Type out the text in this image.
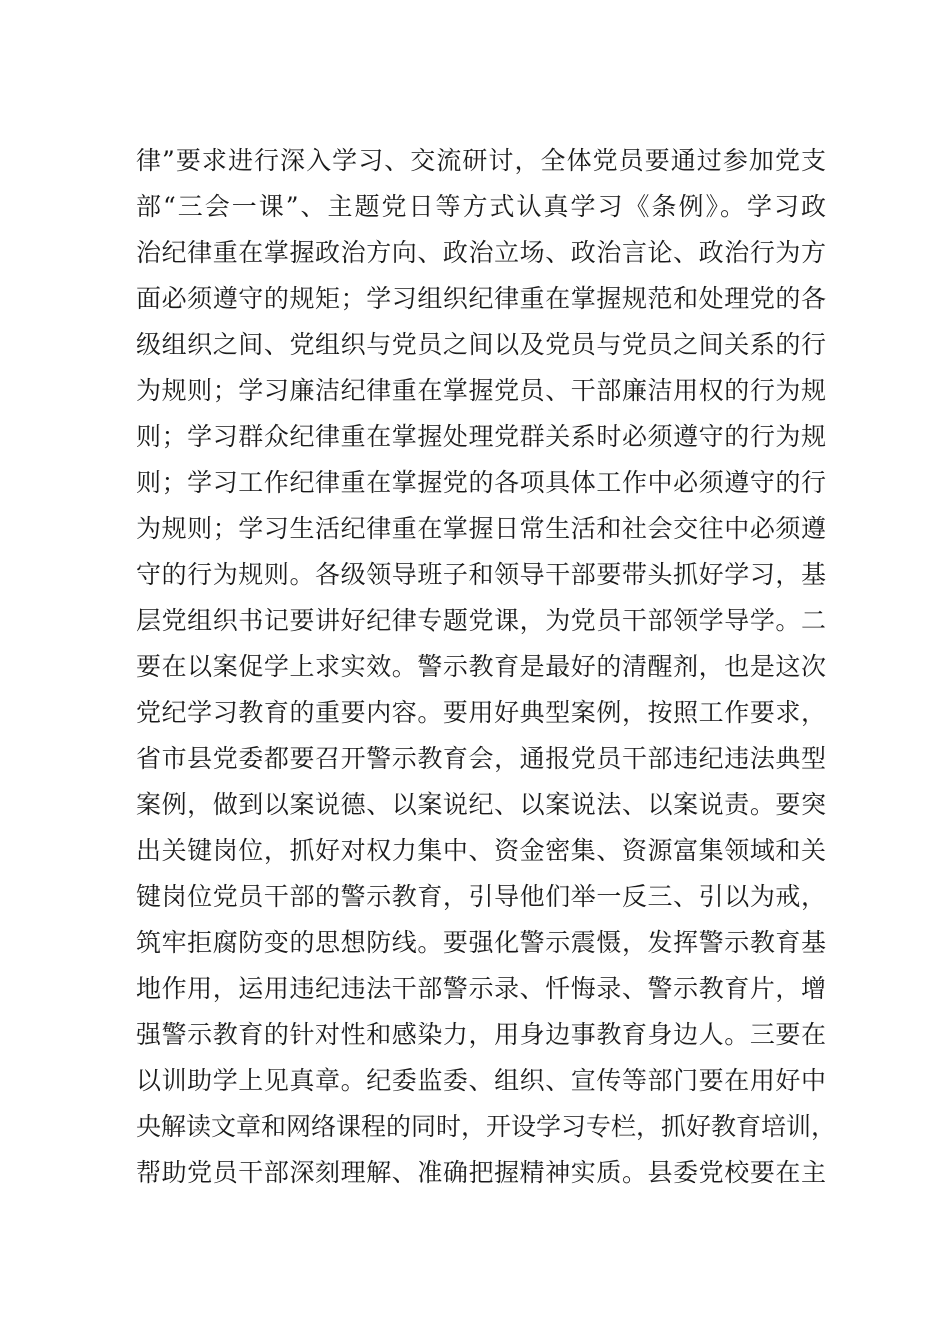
律”要求进行深入学习、交流研讨，全体党员要通过参加党支
部“三会一课”、主题党日等方式认真学习《条例》。学习政
治纪律重在掌握政治方向、政治立场、政治言论、政治行为方
面必须遵守的规矩；学习组织纪律重在掌握规范和处理党的各
级组织之间、党组织与党员之间以及党员与党员之间关系的行
为规则；学习廉洁纪律重在掌握党员、干部廉洁用权的行为规
则；学习群众纪律重在掌握处理党群关系时必须遵守的行为规
则；学习工作纪律重在掌握党的各项具体工作中必须遵守的行
为规则；学习生活纪律重在掌握日常生活和社会交往中必须遵
守的行为规则。各级领导班子和领导干部要带头抓好学习，基
层党组织书记要讲好纪律专题党课，为党员干部领学导学。二
要在以案促学上求实效。警示教育是最好的清醒剂，也是这次
党纪学习教育的重要内容。要用好典型案例，按照工作要求，
省市县党委都要召开警示教育会，通报党员干部违纪违法典型
案例，做到以案说德、以案说纪、以案说法、以案说责。要突
出关键岗位，抓好对权力集中、资金密集、资源富集领域和关
键岗位党员干部的警示教育，引导他们举一反三、引以为戒，
筑牢拒腐防变的思想防线。要强化警示震慑，发挥警示教育基
地作用，运用违纪违法干部警示录、忏悔录、警示教育片，增
强警示教育的针对性和感染力，用身边事教育身边人。三要在
以训助学上见真章。纪委监委、组织、宣传等部门要在用好中
央解读文章和网络课程的同时，开设学习专栏，抓好教育培训，
帮助党员干部深刻理解、准确把握精神实质。县委党校要在主
